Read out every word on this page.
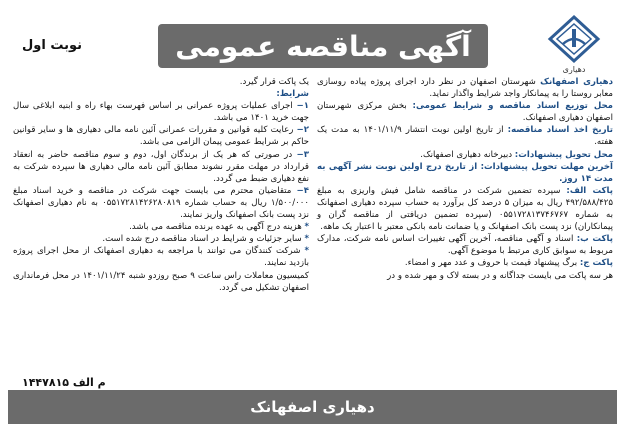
دهیاری
آگهی مناقصه عمومی
نوبت اول

دهیاری اصفهانک شهرستان اصفهان در نظر دارد اجرای پروژه پیاده روسازی معابر روستا را به پیمانکار واجد شرایط واگذار نماید.

محل توزیع اسناد مناقصه و شرایط عمومی: بخش مرکزی شهرستان اصفهان دهیاری اصفهانک.

تاریخ اخذ اسناد مناقصه: از تاریخ اولین نوبت انتشار ۱۴۰۱/۱۱/۹ به مدت یک هفته.

محل تحویل پیشنهادات: دبیرخانه دهیاری اصفهانک.

آخرین مهلت تحویل پیشنهادات: از تاریخ درج اولین نوبت نشر آگهی به مدت ۱۴ روز.

پاکت الف: سپرده تضمین شرکت در مناقصه شامل فیش واریزی به مبلغ ۴۹۲/۵۸۸/۴۲۵ ریال به میزان ۵ درصد کل برآورد به حساب سپرده دهیاری اصفهانک به شماره ۰۵۵۱۷۲۸۱۳۷۴۶۷۶۷ (سپرده تضمین دریافتی از مناقصه گران و پیمانکاران) نزد پست بانک اصفهانک و یا ضمانت نامه بانکی معتبر با اعتبار یک ماهه.

پاکت ب: اسناد و آگهی مناقصه، آخرین آگهی تغییرات اساس نامه شرکت، مدارک مربوط به سوابق کاری مرتبط با موضوع آگهی.

پاکت ج: برگ پیشنهاد قیمت با حروف و عدد مهر و امضاء.

هر سه پاکت می بایست جداگانه و در بسته لاک و مهر شده و در

یک پاکت قرار گیرد.

شرایط:

۱− اجرای عملیات پروژه عمرانی بر اساس فهرست بهاء راه و ابنیه ابلاغی سال جهت خرید ۱۴۰۱ می باشد.

۲− رعایت کلیه قوانین و مقررات عمرانی آئین نامه مالی دهیاری ها و سایر قوانین حاکم بر شرایط عمومی پیمان الزامی می باشد.

۳− در صورتی که هر یک از برندگان اول، دوم و سوم مناقصه حاضر به انعقاد قرارداد در مهلت مقرر نشوند مطابق آئین نامه مالی دهیاری ها سپرده شرکت به نفع دهیاری ضبط می گردد.

۴− متقاضیان محترم می بایست جهت شرکت در مناقصه و خرید اسناد مبلغ ۱/۵۰۰/۰۰۰ ریال به حساب شماره ۰۵۵۱۷۲۸۱۴۲۶۲۸۰۸۱۹ به نام دهیاری اصفهانک نزد پست بانک اصفهانک واریز نمایند.

* هزینه درج آگهی به عهده برنده مناقصه می باشد.

* سایر جزئیات و شرایط در اسناد مناقصه درج شده است.

* شرکت کنندگان می توانند با مراجعه به دهیاری اصفهانک از محل اجرای پروژه بازدید نمایند.

کمیسیون معاملات راس ساعت ۹ صبح روزدو شنبه ۱۴۰۱/۱۱/۲۴ در محل فرمانداری اصفهان تشکیل می گردد.

م الف ۱۴۴۷۸۱۵
دهیاری اصفهانک
